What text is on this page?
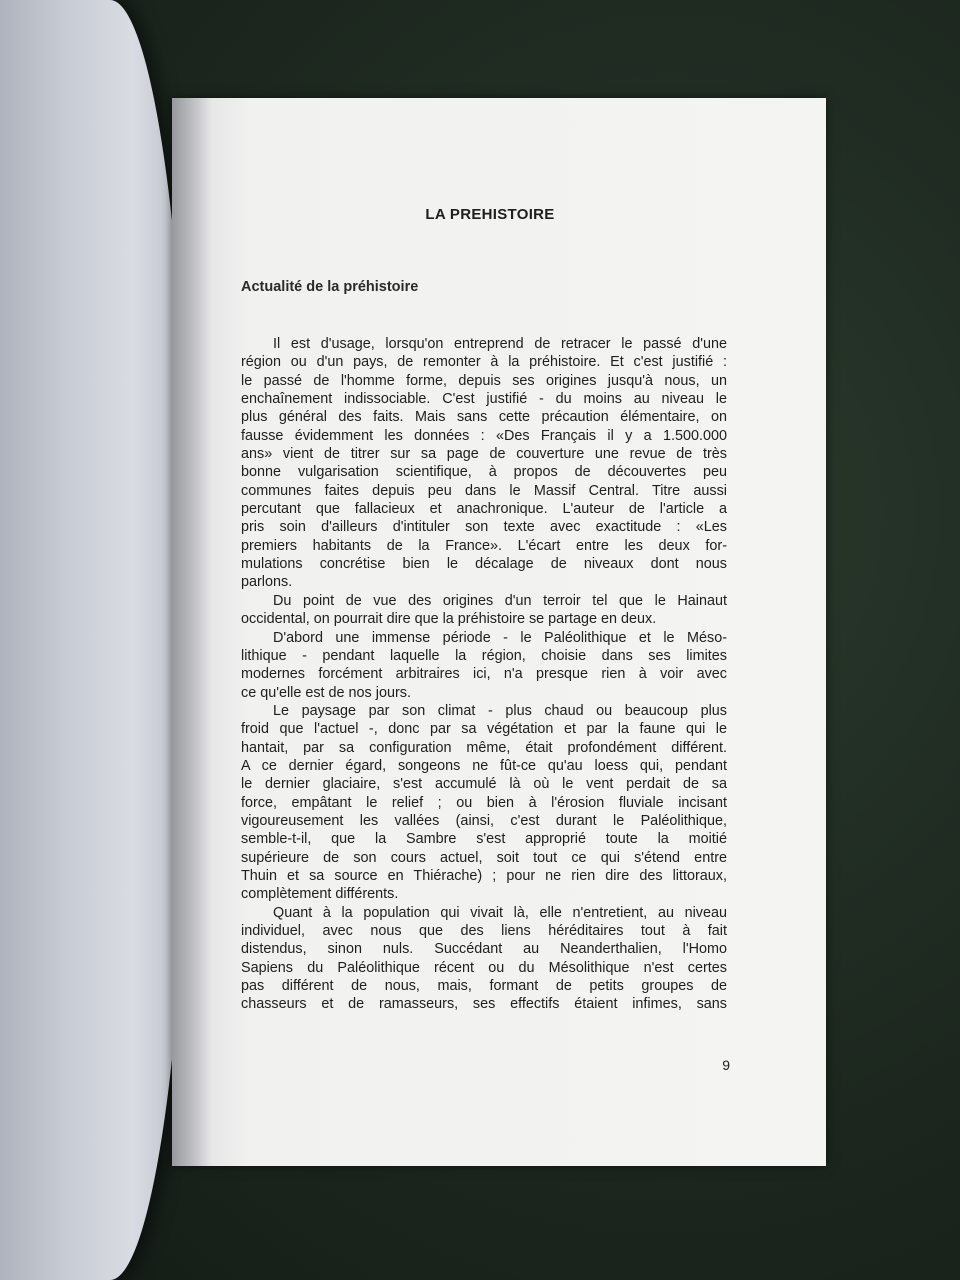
LA PREHISTOIRE
Actualité de la préhistoire
Il est d'usage, lorsqu'on entreprend de retracer le passé d'une
région ou d'un pays, de remonter à la préhistoire. Et c'est justifié :
le passé de l'homme forme, depuis ses origines jusqu'à nous, un
enchaînement indissociable. C'est justifié - du moins au niveau le
plus général des faits. Mais sans cette précaution élémentaire, on
fausse évidemment les données : «Des Français il y a 1.500.000
ans» vient de titrer sur sa page de couverture une revue de très
bonne vulgarisation scientifique, à propos de découvertes peu
communes faites depuis peu dans le Massif Central. Titre aussi
percutant que fallacieux et anachronique. L'auteur de l'article a
pris soin d'ailleurs d'intituler son texte avec exactitude : «Les
premiers habitants de la France». L'écart entre les deux for-
mulations concrétise bien le décalage de niveaux dont nous
parlons.
Du point de vue des origines d'un terroir tel que le Hainaut
occidental, on pourrait dire que la préhistoire se partage en deux.
D'abord une immense période - le Paléolithique et le Méso-
lithique - pendant laquelle la région, choisie dans ses limites
modernes forcément arbitraires ici, n'a presque rien à voir avec
ce qu'elle est de nos jours.
Le paysage par son climat - plus chaud ou beaucoup plus
froid que l'actuel -, donc par sa végétation et par la faune qui le
hantait, par sa configuration même, était profondément différent.
A ce dernier égard, songeons ne fût-ce qu'au loess qui, pendant
le dernier glaciaire, s'est accumulé là où le vent perdait de sa
force, empâtant le relief ; ou bien à l'érosion fluviale incisant
vigoureusement les vallées (ainsi, c'est durant le Paléolithique,
semble-t-il, que la Sambre s'est approprié toute la moitié
supérieure de son cours actuel, soit tout ce qui s'étend entre
Thuin et sa source en Thiérache) ; pour ne rien dire des littoraux,
complètement différents.
Quant à la population qui vivait là, elle n'entretient, au niveau
individuel, avec nous que des liens héréditaires tout à fait
distendus, sinon nuls. Succédant au Neanderthalien, l'Homo
Sapiens du Paléolithique récent ou du Mésolithique n'est certes
pas différent de nous, mais, formant de petits groupes de
chasseurs et de ramasseurs, ses effectifs étaient infimes, sans
9
